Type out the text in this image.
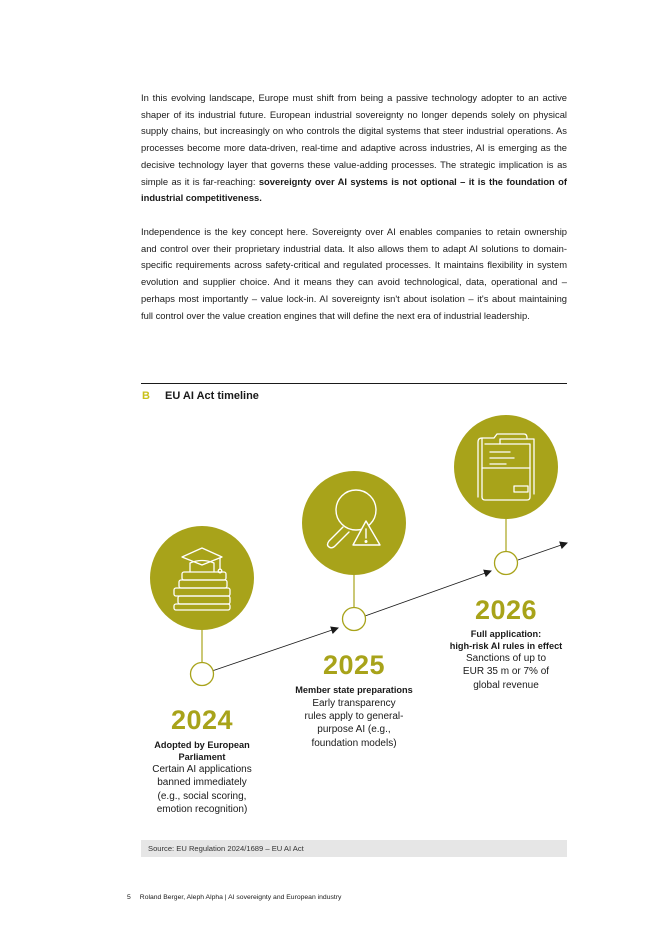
In this evolving landscape, Europe must shift from being a passive technology adopter to an active shaper of its industrial future. European industrial sovereignty no longer depends solely on physical supply chains, but increasingly on who controls the digital systems that steer industrial operations. As processes become more data-driven, real-time and adaptive across industries, AI is emerging as the decisive technology layer that governs these value-adding processes. The strategic implication is as simple as it is far-reaching: sovereignty over AI systems is not optional – it is the foundation of industrial competitiveness.

Independence is the key concept here. Sovereignty over AI enables companies to retain ownership and control over their proprietary industrial data. It also allows them to adapt AI solutions to domain-specific requirements across safety-critical and regulated processes. It maintains flexibility in system evolution and supplier choice. And it means they can avoid technological, data, operational and – perhaps most importantly – value lock-in. AI sovereignty isn't about isolation – it's about maintaining full control over the value creation engines that will define the next era of industrial leadership.

B EU AI Act timeline
2024
Adopted by European
Parliament
Certain AI applications
banned immediately
(e.g., social scoring,
emotion recognition)
2025
Member state preparations
Early transparency
rules apply to general-
purpose AI (e.g.,
foundation models)
2026
Full application:
high-risk AI rules in effect
Sanctions of up to
EUR 35 m or 7% of
global revenue
Source: EU Regulation 2024/1689 – EU AI Act
5 Roland Berger, Aleph Alpha | AI sovereignty and European industry
